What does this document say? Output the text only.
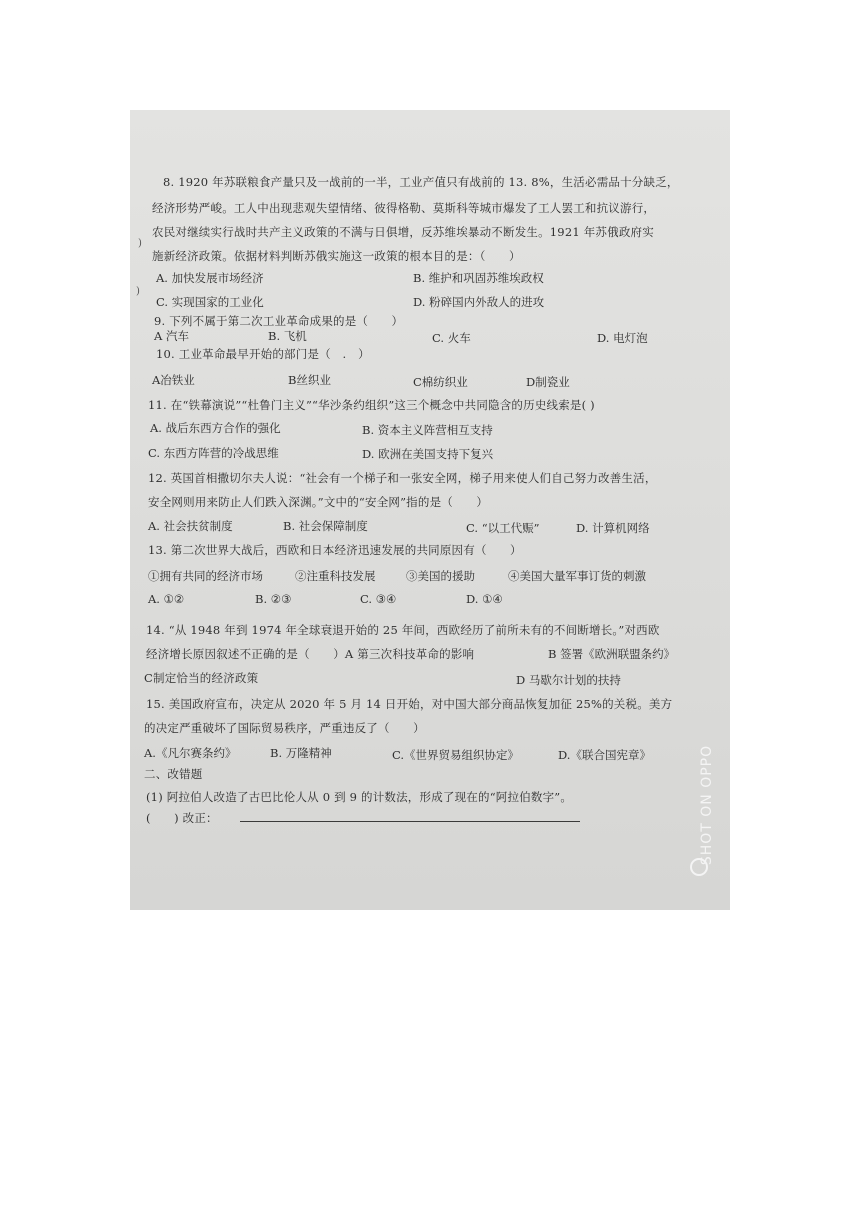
8. 1920 年苏联粮食产量只及一战前的一半，工业产值只有战前的 13. 8%，生活必需品十分缺乏，
经济形势严峻。工人中出现悲观失望情绪、彼得格勒、莫斯科等城市爆发了工人罢工和抗议游行，
农民对继续实行战时共产主义政策的不满与日俱增，反苏维埃暴动不断发生。1921 年苏俄政府实
施新经济政策。依据材料判断苏俄实施这一政策的根本目的是：（　　）
A. 加快发展市场经济	B. 维护和巩固苏维埃政权
C. 实现国家的工业化	D. 粉碎国内外敌人的进攻
9. 下列不属于第二次工业革命成果的是（　　）
A 汽车	B. 飞机	C. 火车	D. 电灯泡
10. 工业革命最早开始的部门是（　.　）
A冶铁业	B丝织业	C棉纺织业	D制瓷业
11. 在“铁幕演说”“杜鲁门主义”“华沙条约组织”这三个概念中共同隐含的历史线索是( )
A. 战后东西方合作的强化	B. 资本主义阵营相互支持
C. 东西方阵营的冷战思维	D. 欧洲在美国支持下复兴
12. 英国首相撒切尔夫人说：“社会有一个梯子和一张安全网，梯子用来使人们自己努力改善生活，
安全网则用来防止人们跌入深渊。”文中的“安全网”指的是（　　）
A. 社会扶贫制度	B. 社会保障制度	C. “以工代赈”	D. 计算机网络
13. 第二次世界大战后，西欧和日本经济迅速发展的共同原因有（　　）
①拥有共同的经济市场	②注重科技发展	③美国的援助	④美国大量军事订货的刺激
A. ①②	B. ②③	C. ③④	D. ①④
14. “从 1948 年到 1974 年全球衰退开始的 25 年间，西欧经历了前所未有的不间断增长。”对西欧
经济增长原因叙述不正确的是（　　）A 第三次科技革命的影响	B 签署《欧洲联盟条约》
C制定恰当的经济政策	D 马歇尔计划的扶持
15. 美国政府宣布，决定从 2020 年 5 月 14 日开始，对中国大部分商品恢复加征 25%的关税。美方
的决定严重破坏了国际贸易秩序，严重违反了（　　）
A.《凡尔赛条约》	B. 万隆精神	C.《世界贸易组织协定》	D.《联合国宪章》
二、改错题
(1) 阿拉伯人改造了古巴比伦人从 0 到 9 的计数法，形成了现在的“阿拉伯数字”。
(　　) 改正：
)
)
SHOT ON OPPO
